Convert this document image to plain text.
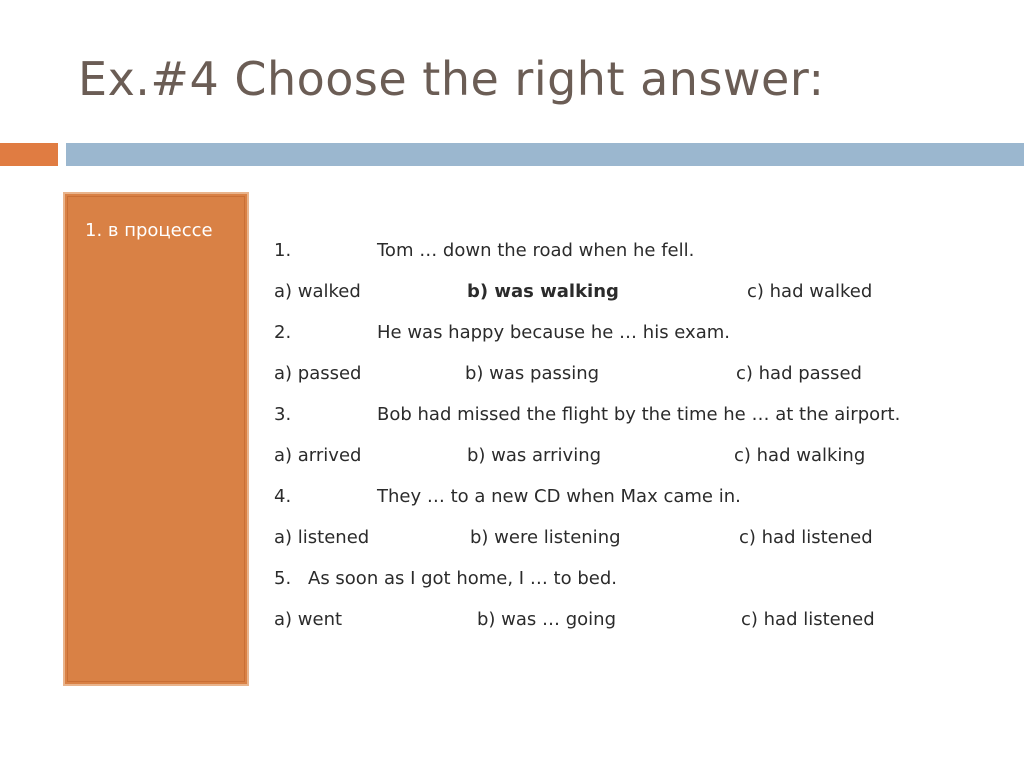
Ex.#4 Choose the right answer:
1. в процессе
1.	Tom … down the road when he fell.
a) walked	b) was walking	c) had walked
2.	He was happy because he … his exam.
a) passed	b) was passing	c) had passed
3.	Bob had missed the flight by the time he … at the airport.
a) arrived	b) was arriving	c) had walking
4.	They … to a new CD when Max came in.
a) listened	b) were listening	c) had listened
5. As soon as I got home, I … to bed.
a) went	b) was … going	c) had listened
